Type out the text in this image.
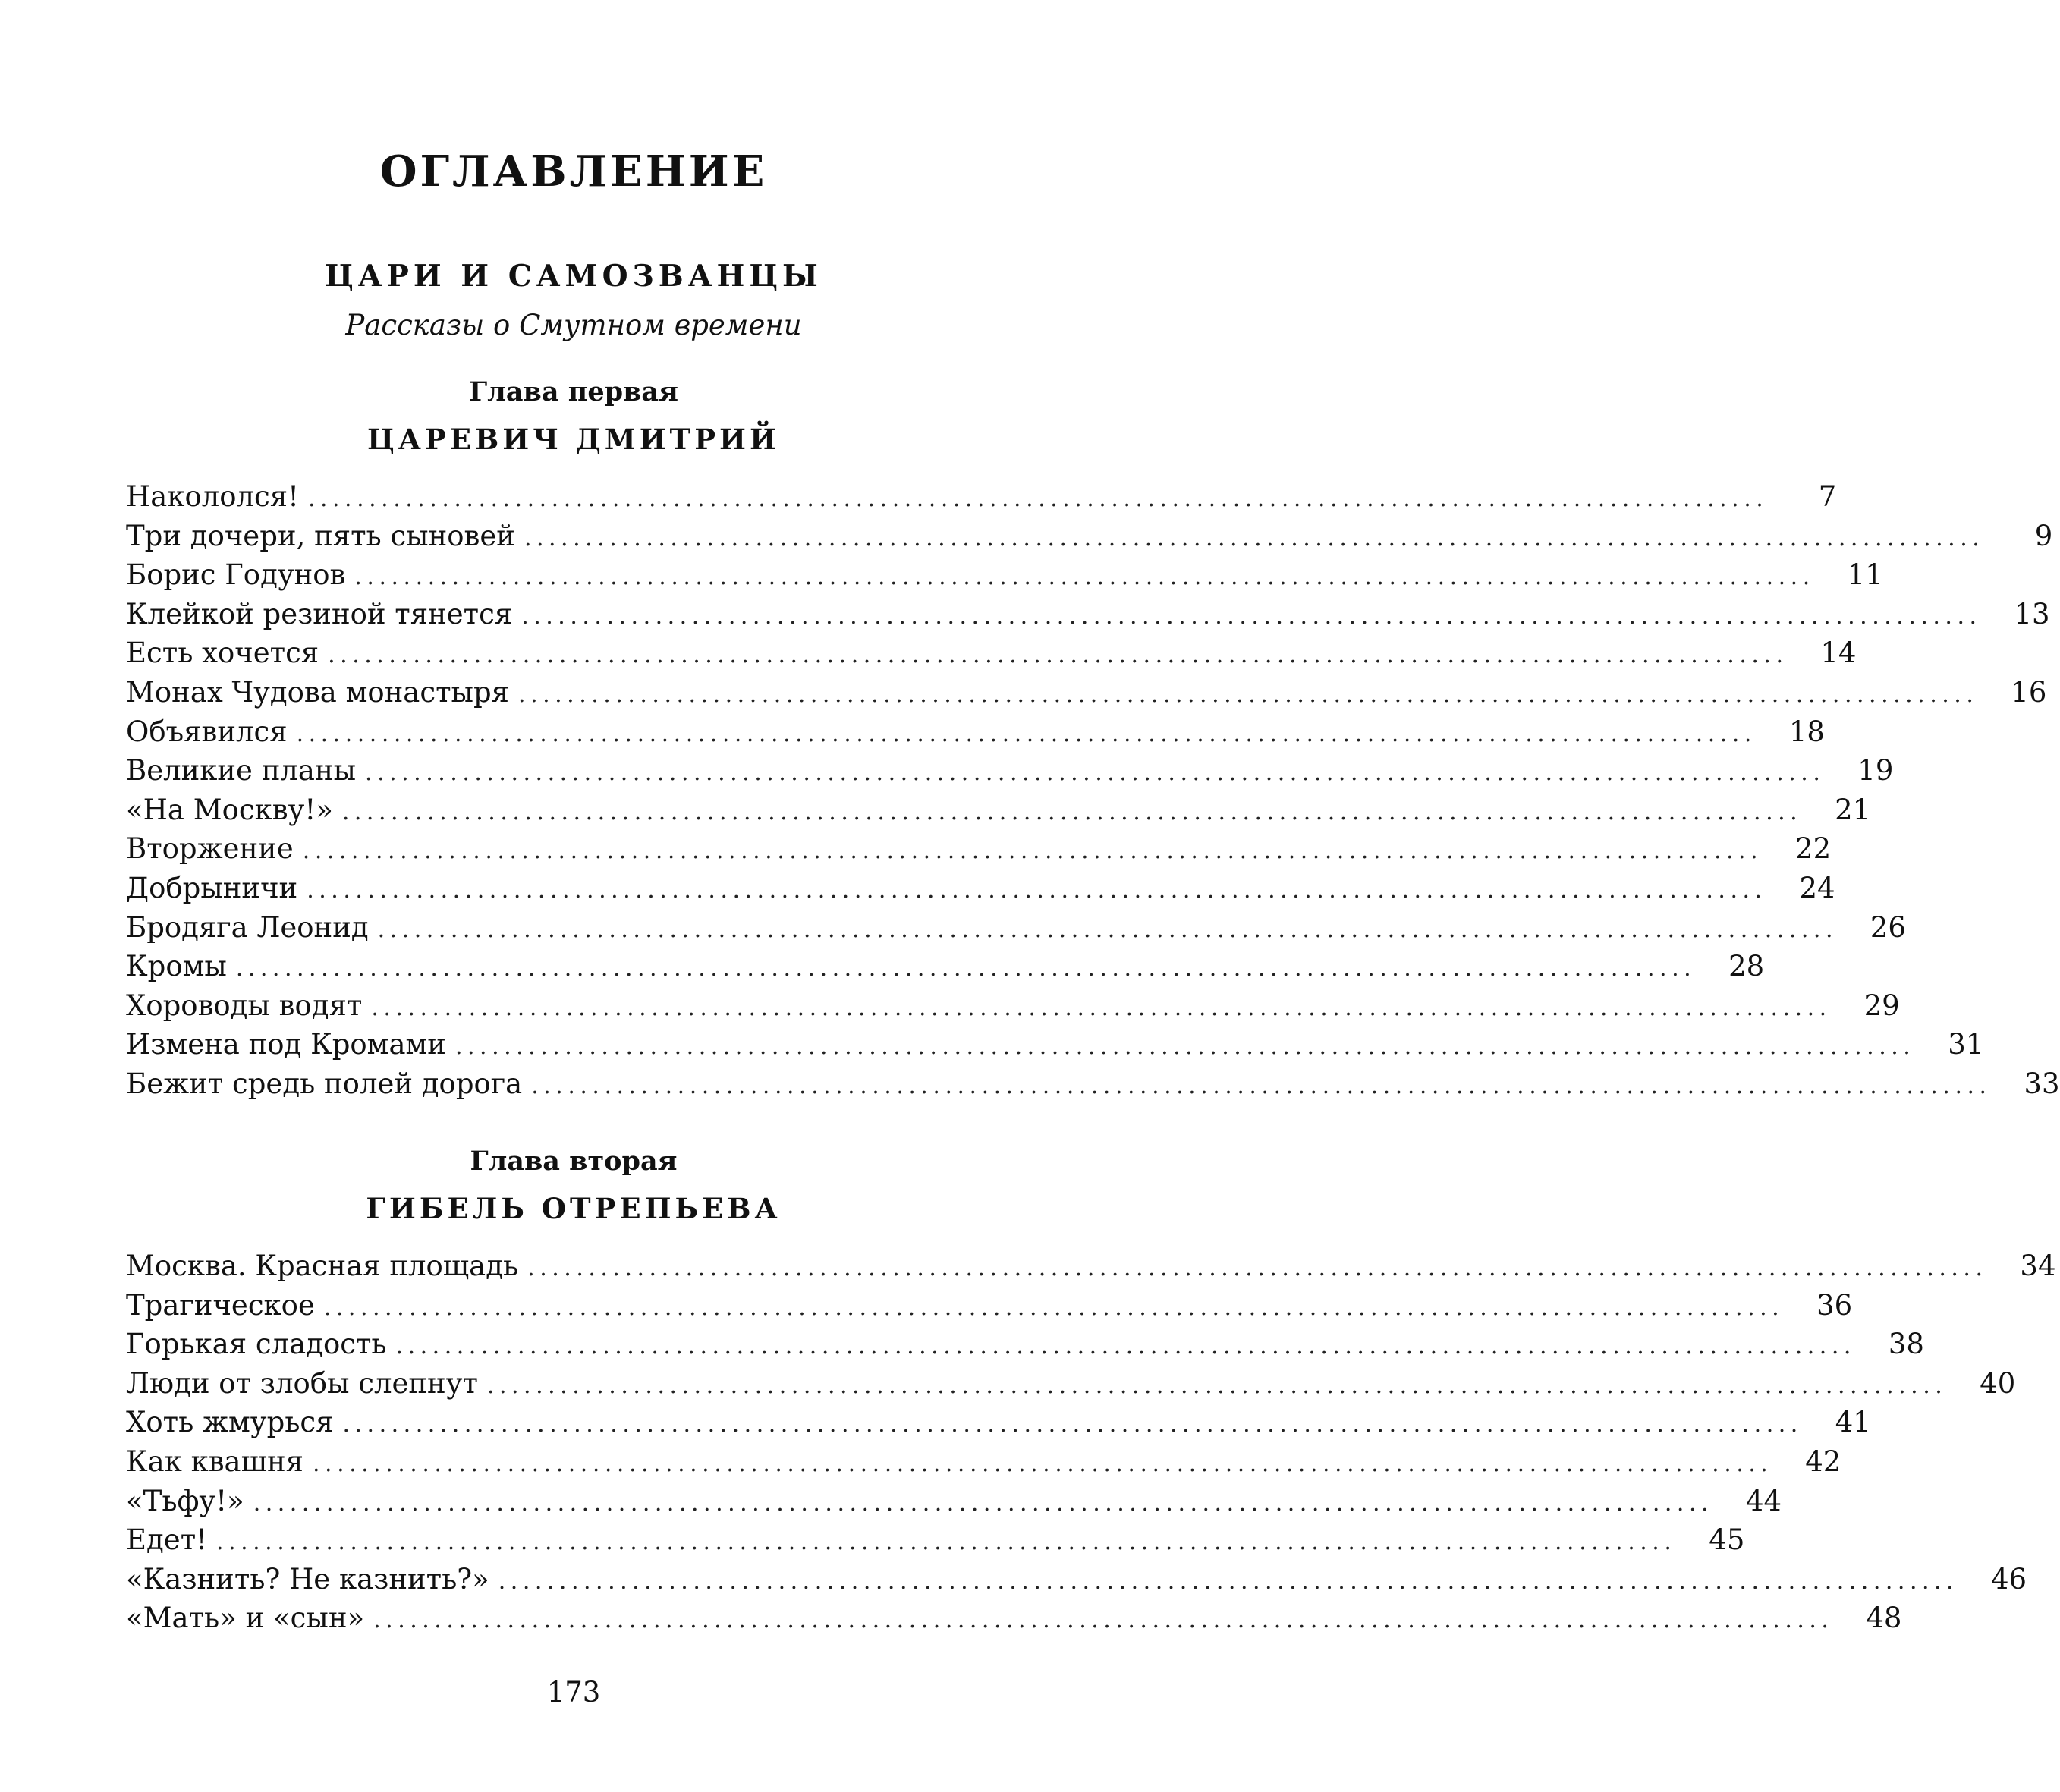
ОГЛАВЛЕНИЕ
ЦАРИ И САМОЗВАНЦЫ
Рассказы о Смутном времени
Глава первая
ЦАРЕВИЧ ДМИТРИЙ
Накололся! ........................................................................................................................	7
Три дочери, пять сыновей ........................................................................................................................	9
Борис Годунов ........................................................................................................................	11
Клейкой резиной тянется ........................................................................................................................	13
Есть хочется ........................................................................................................................	14
Монах Чудова монастыря ........................................................................................................................	16
Объявился ........................................................................................................................	18
Великие планы ........................................................................................................................	19
«На Москву!» ........................................................................................................................	21
Вторжение ........................................................................................................................	22
Добрыничи ........................................................................................................................	24
Бродяга Леонид ........................................................................................................................	26
Кромы ........................................................................................................................	28
Хороводы водят ........................................................................................................................	29
Измена под Кромами ........................................................................................................................	31
Бежит средь полей дорога ........................................................................................................................	33
Глава вторая
ГИБЕЛЬ ОТРЕПЬЕВА
Москва. Красная площадь ........................................................................................................................	34
Трагическое ........................................................................................................................	36
Горькая сладость ........................................................................................................................	38
Люди от злобы слепнут ........................................................................................................................	40
Хоть жмурься ........................................................................................................................	41
Как квашня ........................................................................................................................	42
«Тьфу!» ........................................................................................................................	44
Едет! ........................................................................................................................	45
«Казнить? Не казнить?» ........................................................................................................................	46
«Мать» и «сын» ........................................................................................................................	48
173
